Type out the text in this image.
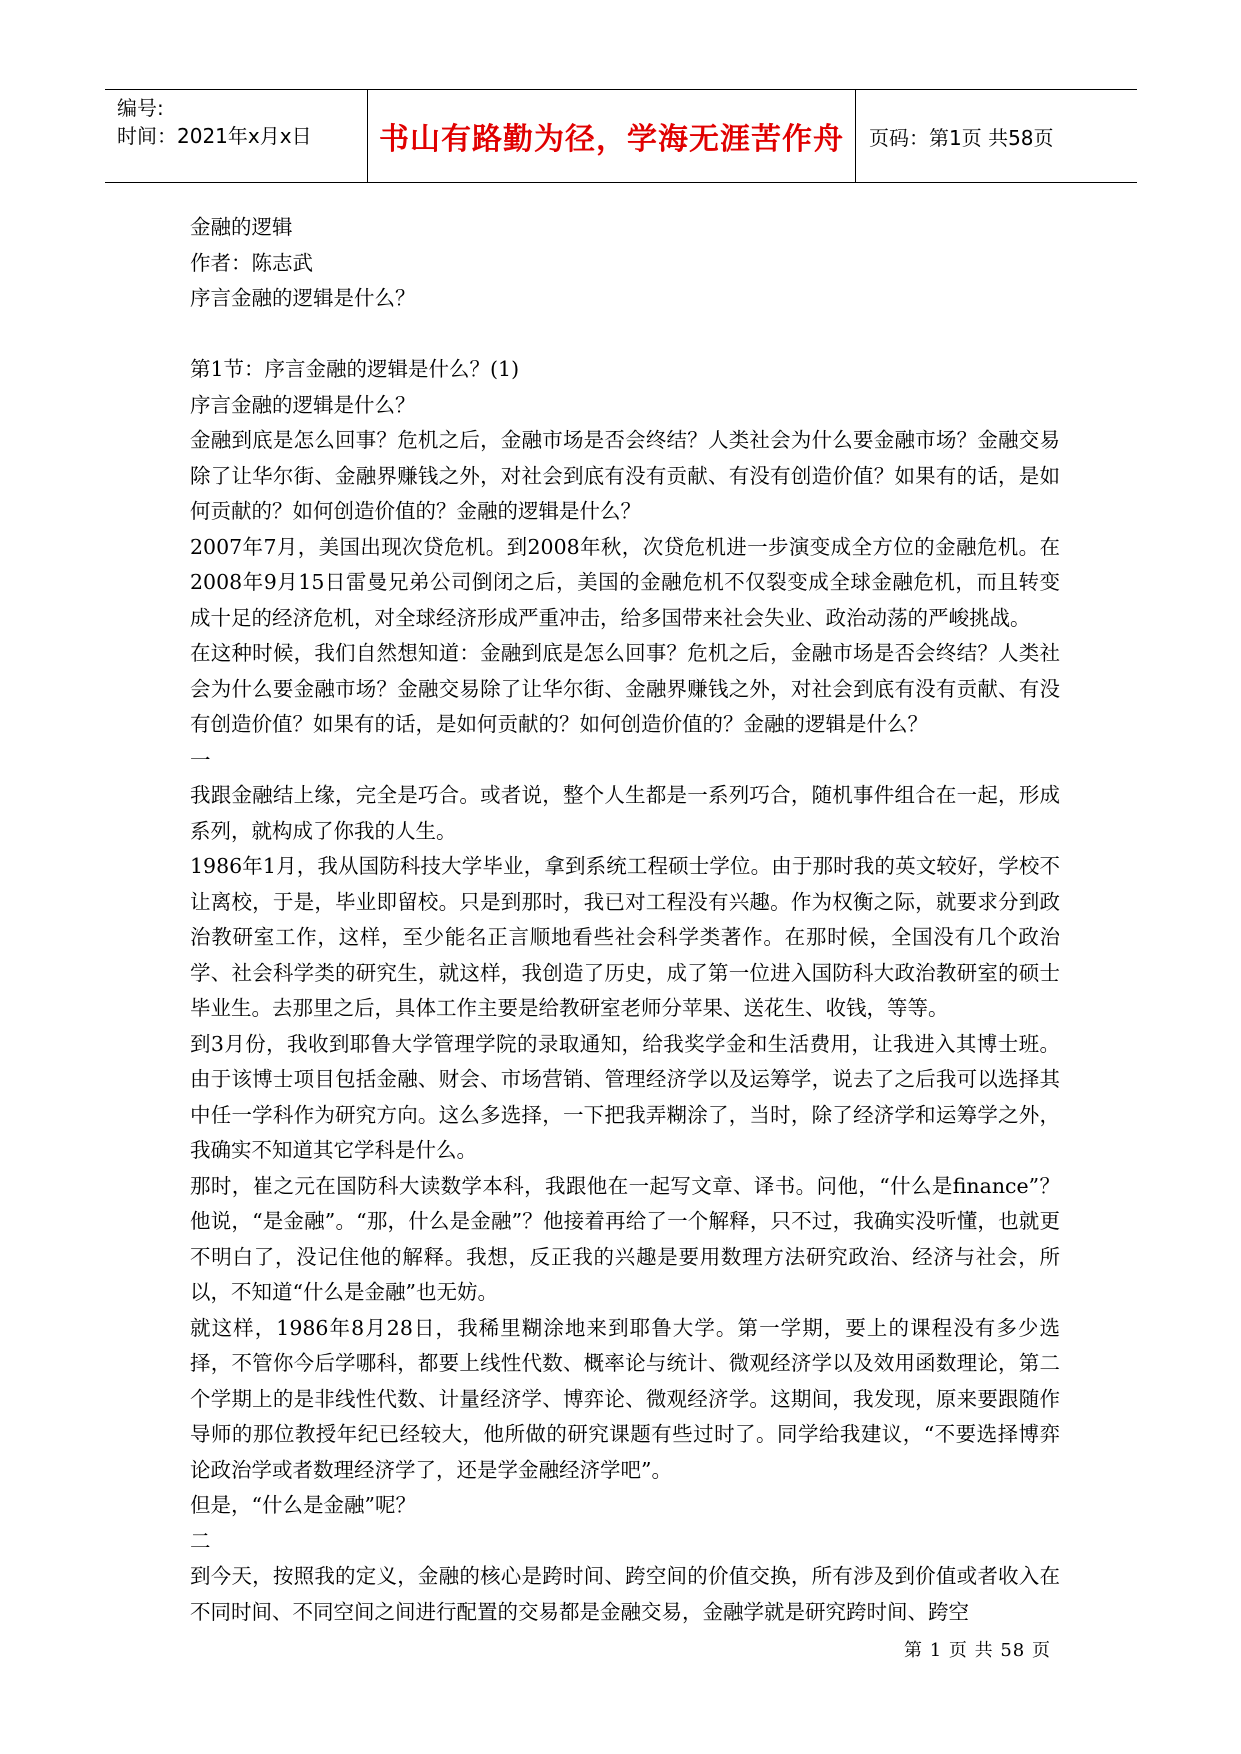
编号:
时间：2021年x月x日	书山有路勤为径，学海无涯苦作舟	页码：第1页 共58页

金融的逻辑

作者：陈志武

序言金融的逻辑是什么？

第1节：序言金融的逻辑是什么？(1)

序言金融的逻辑是什么？

金融到底是怎么回事？危机之后，金融市场是否会终结？人类社会为什么要金融市场？金融交易除了让华尔街、金融界赚钱之外，对社会到底有没有贡献、有没有创造价值？如果有的话，是如何贡献的？如何创造价值的？金融的逻辑是什么？

2007年7月，美国出现次贷危机。到2008年秋，次贷危机进一步演变成全方位的金融危机。在2008年9月15日雷曼兄弟公司倒闭之后，美国的金融危机不仅裂变成全球金融危机，而且转变成十足的经济危机，对全球经济形成严重冲击，给多国带来社会失业、政治动荡的严峻挑战。

在这种时候，我们自然想知道：金融到底是怎么回事？危机之后，金融市场是否会终结？人类社会为什么要金融市场？金融交易除了让华尔街、金融界赚钱之外，对社会到底有没有贡献、有没有创造价值？如果有的话，是如何贡献的？如何创造价值的？金融的逻辑是什么？

一

我跟金融结上缘，完全是巧合。或者说，整个人生都是一系列巧合，随机事件组合在一起，形成系列，就构成了你我的人生。

1986年1月，我从国防科技大学毕业，拿到系统工程硕士学位。由于那时我的英文较好，学校不让离校，于是，毕业即留校。只是到那时，我已对工程没有兴趣。作为权衡之际，就要求分到政治教研室工作，这样，至少能名正言顺地看些社会科学类著作。在那时候，全国没有几个政治学、社会科学类的研究生，就这样，我创造了历史，成了第一位进入国防科大政治教研室的硕士毕业生。去那里之后，具体工作主要是给教研室老师分苹果、送花生、收钱，等等。

到3月份，我收到耶鲁大学管理学院的录取通知，给我奖学金和生活费用，让我进入其博士班。由于该博士项目包括金融、财会、市场营销、管理经济学以及运筹学，说去了之后我可以选择其中任一学科作为研究方向。这么多选择，一下把我弄糊涂了，当时，除了经济学和运筹学之外，我确实不知道其它学科是什么。

那时，崔之元在国防科大读数学本科，我跟他在一起写文章、译书。问他，“什么是finance”？他说，“是金融”。“那，什么是金融”？他接着再给了一个解释，只不过，我确实没听懂，也就更不明白了，没记住他的解释。我想，反正我的兴趣是要用数理方法研究政治、经济与社会，所以，不知道“什么是金融”也无妨。

就这样，1986年8月28日，我稀里糊涂地来到耶鲁大学。第一学期，要上的课程没有多少选择，不管你今后学哪科，都要上线性代数、概率论与统计、微观经济学以及效用函数理论，第二个学期上的是非线性代数、计量经济学、博弈论、微观经济学。这期间，我发现，原来要跟随作导师的那位教授年纪已经较大，他所做的研究课题有些过时了。同学给我建议，“不要选择博弈论政治学或者数理经济学了，还是学金融经济学吧”。

但是，“什么是金融”呢？

二

到今天，按照我的定义，金融的核心是跨时间、跨空间的价值交换，所有涉及到价值或者收入在不同时间、不同空间之间进行配置的交易都是金融交易，金融学就是研究跨时间、跨空

第 1 页 共 58 页
